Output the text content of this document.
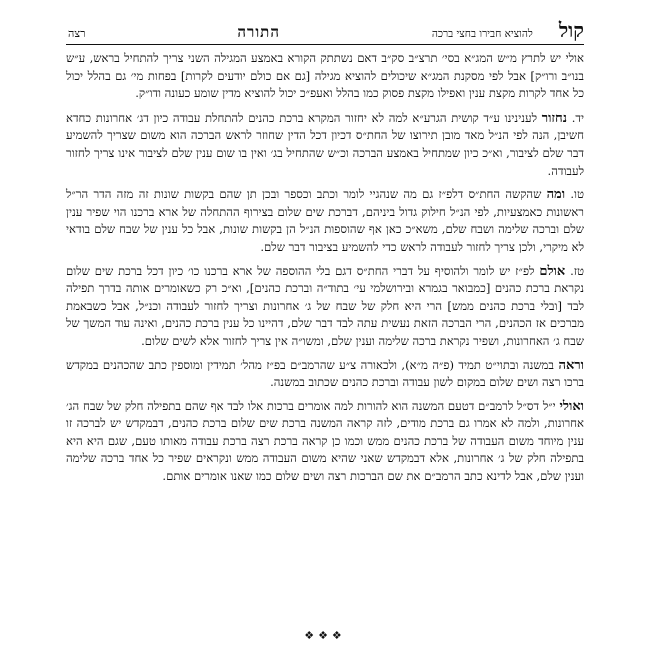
קול
להוציא חבירו בחצי ברכה
התורה
רצה

אולי יש לתרץ מ״ש המג״א בסי׳ תרצ״ב סק״ב דאם נשתתק הקורא באמצע המגילה השני צריך להתחיל בראש, ע״ש בנו״ב ורו״ק] אבל לפי מסקנת המג״א שיכולים להוציא מגילה [גם אם כולם יודעים לקרות] בפחות מי׳ גם בהלל יכול כל אחד לקרות מקצת ענין ואפילו מקצת פסוק כמו בהלל ואעפ״כ יכול להוציא מדין שומע כעונה ודו״ק.

יד. נחזור לענינינו ע״ד קושית הגרע״א למה לא יחזור המקרא ברכת כהנים להתחלת עבודה כיון דג׳ אחרונות כחדא חשיבן, הנה לפי הנ״ל מאד מובן תירוצו של החת״ס דכיון דכל הדין שחוזר לראש הברכה הוא משום שצריך להשמיע דבר שלם לציבור, וא״כ כיון שמתחיל באמצע הברכה וכ״ש שהתחיל בג׳ ואין בו שום ענין שלם לציבור אינו צריך לחזור לעבודה.

טו. ומה שהקשה החת״ס דלפ״ז גם מה שנהגיי לומר וכתב וכספר ובכן תן שהם בקשות שונות זה מזה הדר הר״ל ראשונות כאמצעיות, לפי הנ״ל חילוק גדול ביניהם, דברכת שים שלום בצירוף ההתחלה של ארא ברכנו הוי שפיר ענין שלם וברכה שלימה ושבח שלם, משא״כ כאן אף שהוספות הנ״ל הן בקשות שונות, אבל כל ענין של שבח שלם בודאי לא מיקרי, ולכן צריך לחזור לעבודה לראש כדי להשמיע בציבור דבר שלם.

טז. אולם לפ״ז יש לומר ולהוסיף על דברי החת״ס דגם בלי ההוספה של ארא ברכנו כו׳ כיון דכל ברכת שים שלום נקראת ברכת כהנים [כמבואר בגמרא ובירושלמי עי׳ בתוד״ה וברכת כהנים], וא״כ רק כשאומרים אותה בדרך תפילה לבד [ובלי ברכת כהנים ממש] הרי היא חלק של שבח של ג׳ אחרונות וצריך לחזור לעבודה וכנ״ל, אבל כשבאמת מברכים אז הכהנים, הרי הברכה הזאת נעשית עתה לבד דבר שלם, דהיינו כל ענין ברכת כהנים, ואינה עוד המשך של שבח ג׳ האחרונות, ושפיר נקראת ברכה שלימה וענין שלם, ומשו״ה אין צריך לחזור אלא לשים שלום.

וראה במשנה ובתוי״ט תמיד (פ״ה מ״א), ולכאורה צ״ע שהרמב״ם בפ״ז מהל׳ תמידין ומוספין כתב שהכהנים במקדש ברכו רצה ושים שלום במקום לשון עבודה וברכת כהנים שכתוב במשנה.

ואולי י״ל דס״ל לרמב״ם דטעם המשנה הוא להורות למה אומרים ברכות אלו לבד אף שהם בתפילה חלק של שבח הג׳ אחרונות, ולמה לא אמרו גם ברכת מודים, לזה קראה המשנה ברכת שים שלום ברכת כהנים, דבמקדש יש לברכה זו ענין מיוחד משום העבודה של ברכת כהנים ממש וכמו כן קראה ברכת רצה ברכת עבודה מאותו טעם, שגם היא היא בתפילה חלק של ג׳ אחרונות, אלא דבמקדש שאני שהיא משום העבודה ממש ונקראים שפיר כל אחד ברכה שלימה וענין שלם, אבל לדינא כתב הרמב״ם את שם הברכות רצה ושים שלום כמו שאנו אומרים אותם.

❖❖❖
